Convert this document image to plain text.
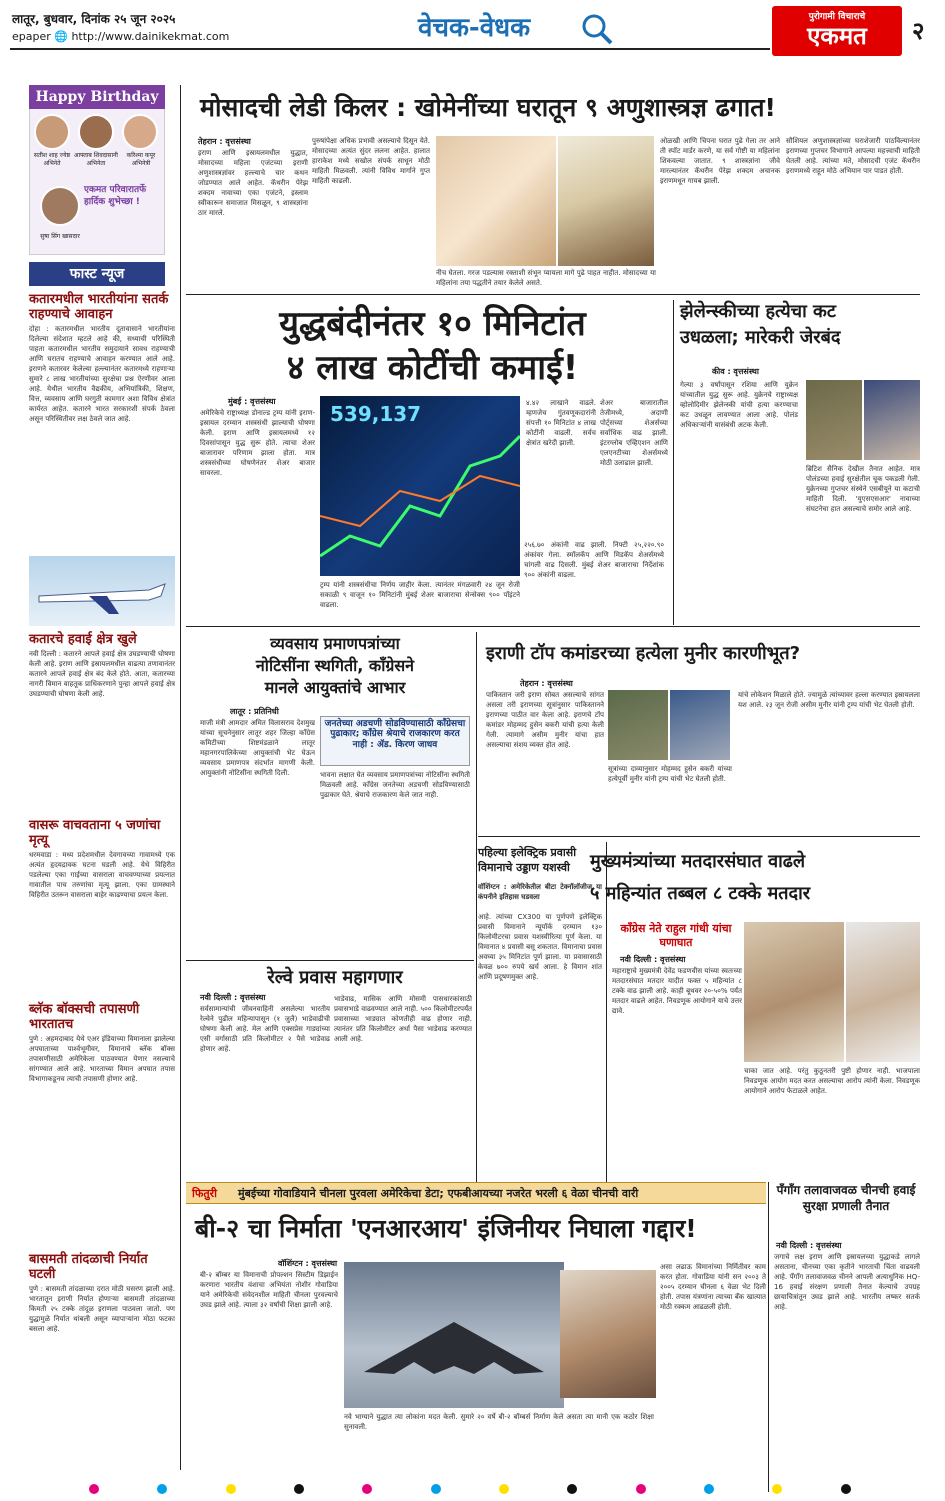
लातूर, बुधवार, दिनांक २५ जून २०२५
epaper 🌐 http://www.dainikekmat.com	वेचक-वेधक	पुरोगामी विचाराचे
एकमत	२
Happy Birthday
सतीश शाह ज्येष्ठ अभिनेते
आफ्ताब शिवदासानी अभिनेता
करिश्मा कपूर अभिनेत्री
एकमत परिवारातर्फे हार्दिक शुभेच्छा !
सुषा सिंग खासदार
फास्ट न्यूज
कतारमधील भारतीयांना सतर्क राहण्याचे आवाहन
दोहा : कतारमधील भारतीय दूतावासाने भारतीयांना दिलेल्या संदेशात म्हटले आहे की, सध्याची परिस्थिती पाहता कतारमधील भारतीय समुदायाने सावध राहण्याची आणि घरातच राहण्याचे आवाहन करण्यात आले आहे. इराणने कतारवर केलेल्या हल्ल्यानंतर कतारमध्ये राहणाऱ्या सुमारे ८ लाख भारतीयांच्या सुरक्षेचा प्रश्न ऐरणीवर आला आहे. येथील भारतीय वैद्यकीय, अभियांत्रिकी, शिक्षण, वित्त, व्यवसाय आणि घरगुती कामगार अशा विविध क्षेत्रांत कार्यरत आहेत. कतारने भारत सरकारशी संपर्क ठेवला असून परिस्थितीवर लक्ष ठेवले जात आहे.
कतारचे हवाई क्षेत्र खुले
नवी दिल्ली : कतारने आपले हवाई क्षेत्र उघडण्याची घोषणा केली आहे. इराण आणि इस्रायलमधील वाढत्या तणावानंतर कतारने आपले हवाई क्षेत्र बंद केले होते. आता, कतारच्या नागरी विमान वाहतूक प्राधिकरणाने पुन्हा आपले हवाई क्षेत्र उघडण्याची घोषणा केली आहे.
वासरू वाचवताना ५ जणांचा मृत्यू
धरमवाडा : मध्य प्रदेशमधील देवगावच्या गावामध्ये एक अत्यंत हृदयद्रावक घटना घडली आहे. येथे विहिरीत पडलेल्या एका गाईच्या वासराला वाचवण्याच्या प्रयत्नात गावातील पाच तरुणांचा मृत्यू झाला. एका ग्रामस्थाने विहिरीत उतरून वासराला बाहेर काढण्याचा प्रयत्न केला.
ब्लॅक बॉक्सची तपासणी भारतातच
पुणे : अहमदाबाद येथे एअर इंडियाच्या विमानाला झालेल्या अपघाताच्या पार्श्वभूमीवर, विमानाचे ब्लॅक बॉक्स तपासणीसाठी अमेरिकेला पाठवण्यात येणार नसल्याचे सांगण्यात आले आहे. भारताच्या विमान अपघात तपास विभागाकडूनच त्याची तपासणी होणार आहे.
बासमती तांदळाची निर्यात घटली
पुणे : बासमती तांदळाच्या दरात मोठी घसरण झाली आहे. भारतातून इराणी निर्यात होणाऱ्या बासमती तांदळाच्या किमती २५ टक्के तांदूळ इराणला पाठवला जातो. पण युद्धामुळे निर्यात थांबली असून व्यापाऱ्यांना मोठा फटका बसला आहे.
मोसादची लेडी किलर : खोमेनींच्या घरातून ९ अणुशास्त्रज्ञ ढगात!
तेहरान : वृत्तसंस्था
इराण आणि इस्रायलमधील युद्धात, मोसादच्या महिला एजंटच्या इराणी अणुशास्त्रज्ञांवर हल्ल्याचे चार कथन जोडण्यात आले आहेत. कॅथरीन पेरेझ शक्दम नावाच्या एका एजंटने, इस्लाम स्वीकारून समाजात मिसळून, ९ शास्त्रज्ञांना ठार मारले.
पुरुषांपेक्षा अधिक प्रभावी असल्याचे दिसून येते. मोसादच्या अत्यंत सुंदर ललना आहेत. हालात हाराकेश मध्ये सखोल संपर्क साधून मोठी माहिती मिळवली. त्यांनी विविध मार्गाने गुप्त माहिती काढली.
नीच घेतला. गरज पडल्यास रक्ताशी संभून प्यायला मागे पुढे पाहत नाहीत. मोसादच्या या महिलांना तया पद्धतीने तयार केलेले असते.
ओळखी आणि चिपना घरात पुढे गेला तर आने ती स्पॉट मार्डर करणे, या सर्व गोष्टी या महिलांना शिकवल्या जातात. ९ शास्त्रज्ञांना जीवे मारल्यानंतर कॅथरीन पेरेझ शक्दम अचानक इराणमधून गायब झाली.
सौशियल अणुशास्त्रज्ञांच्या घराशेजारी पाठविल्यानंतर इराणच्या गुप्तचर विभागाने आपल्या महत्त्वाची माहिती घेतली आहे. त्यांच्या मते, मोसादची एजंट कॅथरीन इराणमध्ये राहून मोठे अभियान पार पाडत होती.
युद्धबंदीनंतर १० मिनिटांत
४ लाख कोटींची कमाई!
मुंबई : वृत्तसंस्था
अमेरिकेचे राष्ट्राध्यक्ष डोनाल्ड ट्रम्प यांनी इराण-इस्रायल दरम्यान शस्त्रसंधी झाल्याची घोषणा केली. इराण आणि इस्रायलमध्ये १२ दिवसांपासून युद्ध सुरू होते. त्याचा शेअर बाजारावर परिणाम झाला होता. मात्र शस्त्रसंधीच्या घोषणेनंतर शेअर बाजार सावरला.
539,137
ट्रम्प यांनी शस्त्रसंधीचा निर्णय जाहीर केला. त्यानंतर मंगळवारी २४ जून रोजी सकाळी ९ वाजून १० मिनिटांनी मुंबई शेअर बाजाराचा सेन्सेक्स ९०० पॉइंटने वाढला.
२५६.७० अंकांनी वाढ झाली. निफ्टी २५,२२०.९० अंकांवर गेला. स्मॉलकॅप आणि मिडकॅप शेअर्समध्ये चांगली वाढ दिसली. मुंबई शेअर बाजाराचा निर्देशांक ९०० अंकांनी वाढला.
४.४२ लाखाने वाढले. म्हणजेच गुंतवणूकदारांनी संपत्ती १० मिनिटांत ४ लाख कोटींनी वाढली. सर्वच क्षेत्रांत खरेदी झाली.
शेअर बाजारातील तेजीमध्ये, अदाणी पोर्ट्सच्या शेअर्सच्या सर्वाधिक वाढ झाली. इंटरग्लोब एव्हिएशन आणि एलएनटीच्या शेअर्समध्ये मोठी उलाढाल झाली.
झेलेन्स्कीच्या हत्येचा कट
उधळला; मारेकरी जेरबंद
कीव : वृत्तसंस्था
गेल्या ३ वर्षांपासून रशिया आणि युक्रेन यांच्यातील युद्ध सुरू आहे. युक्रेनचे राष्ट्राध्यक्ष व्होलोदिमीर झेलेन्स्की यांची हत्या करण्याचा कट उधळून लावण्यात आला आहे. पोलंड अधिकाऱ्यांनी यासंबंधी अटक केली.
ब्रिटिश सैनिक देखील तैनात आहेत. मात्र पोलंडच्या हवाई सुरक्षेतील चूक पकडली गेली. युक्रेनच्या गुप्तचर संस्थेने एसबीयूने या कटाची माहिती दिली. 'युएसएसआर' नावाच्या संघटनेचा हात असल्याचे समोर आले आहे.
व्यवसाय प्रमाणपत्रांच्या
नोटिसींना स्थगिती, काँग्रेसने
मानले आयुक्तांचे आभार
लातूर : प्रतिनिधी
माजी मंत्री आमदार अमित विलासराव देशमुख यांच्या सूचनेनुसार लातूर शहर जिल्हा काँग्रेस कमिटीच्या शिष्टमंडळाने लातूर महानगरपालिकेच्या आयुक्तांची भेट घेऊन व्यवसाय प्रमाणपत्र संदर्भात मागणी केली. आयुक्तांनी नोटिसींना स्थगिती दिली.
जनतेच्या अडचणी सोडविण्यासाठी काँग्रेसचा पुढाकार; काँग्रेस श्रेयाचे राजकारण करत नाही : ॲड. किरण जाधव
भावना लक्षात घेत व्यवसाय प्रमाणपत्रांच्या नोटिसींना स्थगिती मिळवली आहे. काँग्रेस जनतेच्या अडचणी सोडविण्यासाठी पुढाकार घेते. श्रेयाचे राजकारण केले जात नाही.
रेल्वे प्रवास महागणार
नवी दिल्ली : वृत्तसंस्था
सर्वसामान्यांची जीवनवाहिनी असलेल्या भारतीय रेल्वेने पुढील महिन्यापासून (१ जुलै) भाडेवाढीची घोषणा केली आहे. मेल आणि एक्सप्रेस गाड्यांच्या एसी वर्गासाठी प्रति किलोमीटर २ पैसे भाडेवाढ होणार आहे.
भाडेवाढ, मासिक आणि मोसमी पासधारकांसाठी प्रवासभाडे वाढवण्यात आले नाही. ५०० किलोमीटरपर्यंत प्रवासाच्या भाड्यात कोणतीही वाढ होणार नाही. त्यानंतर प्रति किलोमीटर अर्धा पैसा भाडेवाढ करण्यात आली आहे.
इराणी टॉप कमांडरच्या हत्येला मुनीर कारणीभूत?
तेहरान : वृत्तसंस्था
पाकिस्तान जरी इराण सोबत असल्याचे सांगत असला तरी इराणच्या सूत्रांनुसार पाकिस्तानने इराणच्या पाठीत वार केला आहे. इराणचे टॉप कमांडर मोहम्मद हुसेन बकरी यांची हत्या केली गेली. त्यामागे असीम मुनीर यांचा हात असल्याचा संशय व्यक्त होत आहे.
सूत्रांच्या दाव्यानुसार मोहम्मद हुसेन बकरी यांच्या हत्येपूर्वी मुनीर यांनी ट्रम्प यांची भेट घेतली होती.
यांचे लोकेशन मिळाले होते. ज्यामुळे त्यांच्यावर हल्ला करण्यात इस्रायलला यश आले. २३ जून रोजी असीम मुनीर यांनी ट्रम्प यांची भेट घेतली होती.
पहिल्या इलेक्ट्रिक प्रवासी विमानाचे उड्डाण यशस्वी
वॉशिंग्टन : अमेरिकेतील बीटा टेक्नॉलॉजीज या कंपनीने इतिहास घडवला
आहे. त्यांच्या CX300 या पूर्णपणे इलेक्ट्रिक प्रवासी विमानाने न्यूयॉर्क दरम्यान १३० किलोमीटरचा प्रवास यशस्वीरित्या पूर्ण केला. या विमानात ४ प्रवासी बसू शकतात. विमानाचा प्रवास अवघ्या ३५ मिनिटांत पूर्ण झाला. या प्रवासासाठी केवळ ७०० रुपये खर्च आला. हे विमान शांत आणि प्रदूषणमुक्त आहे.
मुख्यमंत्र्यांच्या मतदारसंघात वाढले
५ महिन्यांत तब्बल ८ टक्के मतदार
काँग्रेस नेते राहुल गांधी यांचा घणाघात
नवी दिल्ली : वृत्तसंस्था
महाराष्ट्राचे मुख्यमंत्री देवेंद्र फडणवीस यांच्या स्वतःच्या मतदारसंघात मतदार यादीत फक्त ५ महिन्यांत ८ टक्के वाढ झाली आहे. काही बूथवर २०-५०% पर्यंत मतदार वाढले आहेत. निवडणूक आयोगाने याचे उत्तर द्यावे.
चाका जात आहे. परंतु कुठूनतरी पुष्टी होणार नाही. भाजपाला निवडणूक आयोग मदत करत असल्याचा आरोप त्यांनी केला. निवडणूक आयोगाने आरोप फेटाळले आहेत.
फितुरी मुंबईच्या गोवाडियाने चीनला पुरवला अमेरिकेचा डेटा; एफबीआयच्या नजरेत भरली ६ वेळा चीनची वारी
बी-२ चा निर्माता 'एनआरआय' इंजिनीयर निघाला गद्दार!
वॉशिंग्टन : वृत्तसंस्था
बी-२ बॉम्बर या विमानाची प्रोपल्शन सिस्टीम डिझाईन करणारा भारतीय वंशाचा अभियंता नोशीर गोवाडिया याने अमेरिकेची संवेदनशील माहिती चीनला पुरवल्याचे उघड झाले आहे. त्याला ३२ वर्षांची शिक्षा झाली आहे.
नवे भाग्याने युद्धात त्या लोकांना मदत केली. सुमारे २० वर्षे बी-२ बॉम्बर्स निर्माण केले असता त्या मानी एक कठोर शिक्षा सुनावली.
असा लढाऊ विमानांच्या निर्मितीवर काम करत होता. गोवाडिया यांनी सन २००३ ते २००५ दरम्यान चीनला ६ वेळा भेट दिली होती. तपास यंत्रणांना त्याच्या बँक खात्यात मोठी रक्कम आढळली होती.
पँगाँग तलावाजवळ चीनची हवाई सुरक्षा प्रणाली तैनात
नवी दिल्ली : वृत्तसंस्था
जगाचे लक्ष इराण आणि इस्रायलच्या युद्धाकडे लागले असताना, चीनच्या एका कृतीने भारताची चिंता वाढवली आहे. पँगाँग तलावाजवळ चीनने आपली अत्याधुनिक HQ-16 हवाई संरक्षण प्रणाली तैनात केल्याचे उपग्रह छायाचित्रांतून उघड झाले आहे. भारतीय लष्कर सतर्क आहे.
